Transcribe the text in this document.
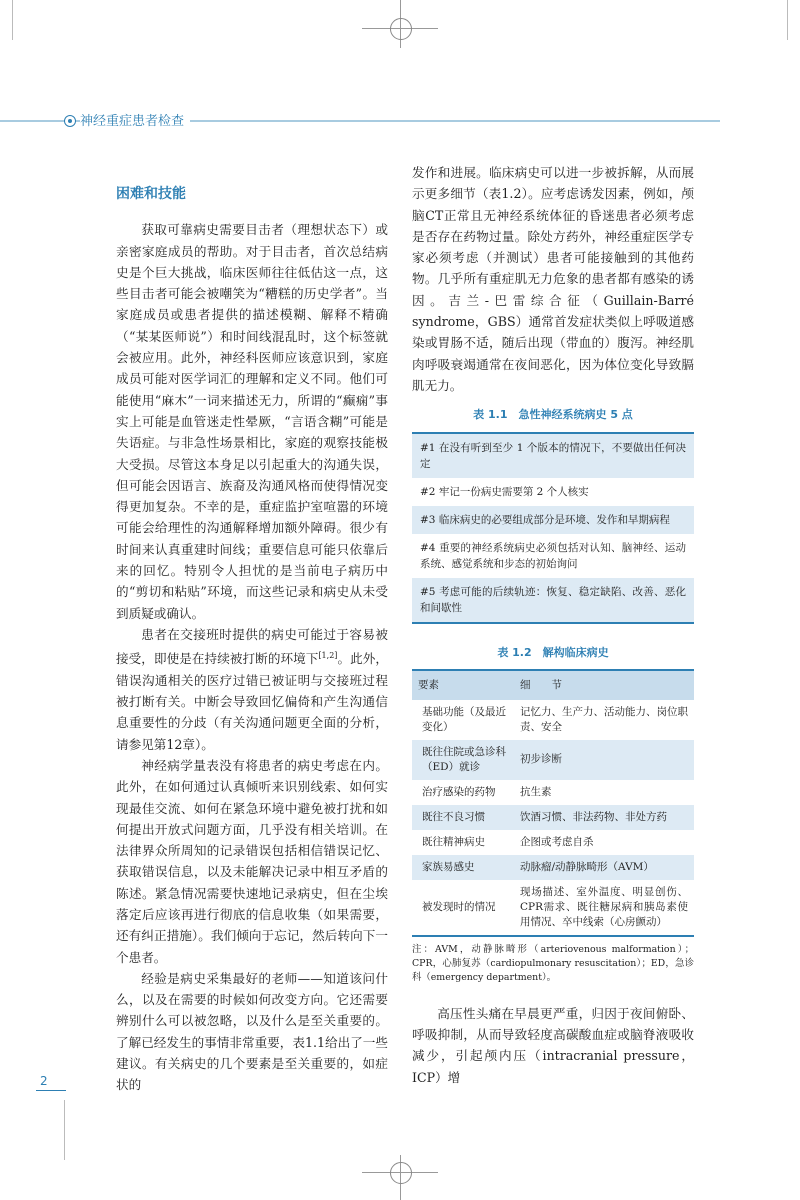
神经重症患者检查
困难和技能

获取可靠病史需要目击者（理想状态下）或亲密家庭成员的帮助。对于目击者，首次总结病史是个巨大挑战，临床医师往往低估这一点，这些目击者可能会被嘲笑为“糟糕的历史学者”。当家庭成员或患者提供的描述模糊、解释不精确（“某某医师说”）和时间线混乱时，这个标签就会被应用。此外，神经科医师应该意识到，家庭成员可能对医学词汇的理解和定义不同。他们可能使用“麻木”一词来描述无力，所谓的“癫痫”事实上可能是血管迷走性晕厥，“言语含糊”可能是失语症。与非急性场景相比，家庭的观察技能极大受损。尽管这本身足以引起重大的沟通失误，但可能会因语言、族裔及沟通风格而使得情况变得更加复杂。不幸的是，重症监护室喧嚣的环境可能会给理性的沟通解释增加额外障碍。很少有时间来认真重建时间线；重要信息可能只依靠后来的回忆。特别令人担忧的是当前电子病历中的“剪切和粘贴”环境，而这些记录和病史从未受到质疑或确认。

患者在交接班时提供的病史可能过于容易被接受，即使是在持续被打断的环境下[1,2]。此外，错误沟通相关的医疗过错已被证明与交接班过程被打断有关。中断会导致回忆偏倚和产生沟通信息重要性的分歧（有关沟通问题更全面的分析，请参见第12章）。

神经病学量表没有将患者的病史考虑在内。此外，在如何通过认真倾听来识别线索、如何实现最佳交流、如何在紧急环境中避免被打扰和如何提出开放式问题方面，几乎没有相关培训。在法律界众所周知的记录错误包括相信错误记忆、获取错误信息，以及未能解决记录中相互矛盾的陈述。紧急情况需要快速地记录病史，但在尘埃落定后应该再进行彻底的信息收集（如果需要，还有纠正措施）。我们倾向于忘记，然后转向下一个患者。

经验是病史采集最好的老师——知道该问什么，以及在需要的时候如何改变方向。它还需要辨别什么可以被忽略，以及什么是至关重要的。了解已经发生的事情非常重要，表1.1给出了一些建议。有关病史的几个要素是至关重要的，如症状的

发作和进展。临床病史可以进一步被拆解，从而展示更多细节（表1.2）。应考虑诱发因素，例如，颅脑CT正常且无神经系统体征的昏迷患者必须考虑是否存在药物过量。除处方药外，神经重症医学专家必须考虑（并测试）患者可能接触到的其他药物。几乎所有重症肌无力危象的患者都有感染的诱因。吉兰-巴雷综合征（Guillain-Barré syndrome，GBS）通常首发症状类似上呼吸道感染或胃肠不适，随后出现（带血的）腹泻。神经肌肉呼吸衰竭通常在夜间恶化，因为体位变化导致膈肌无力。

表 1.1　急性神经系统病史 5 点
#1 在没有听到至少 1 个版本的情况下，不要做出任何决定
#2 牢记一份病史需要第 2 个人核实
#3 临床病史的必要组成部分是环境、发作和早期病程
#4 重要的神经系统病史必须包括对认知、脑神经、运动系统、感觉系统和步态的初始询问
#5 考虑可能的后续轨迹：恢复、稳定缺陷、改善、恶化和间歇性
表 1.2　解构临床病史
要素	细　　节
基础功能（及最近变化）	记忆力、生产力、活动能力、岗位职责、安全
既往住院或急诊科（ED）就诊	初步诊断
治疗感染的药物	抗生素
既往不良习惯	饮酒习惯、非法药物、非处方药
既往精神病史	企图或考虑自杀
家族易感史	动脉瘤/动静脉畸形（AVM）
被发现时的情况	现场描述、室外温度、明显创伤、CPR需求、既往糖尿病和胰岛素使用情况、卒中线索（心房颤动）
注：AVM，动静脉畸形（arteriovenous malformation）；CPR，心肺复苏（cardiopulmonary resuscitation）；ED，急诊科（emergency department）。

高压性头痛在早晨更严重，归因于夜间俯卧、呼吸抑制，从而导致轻度高碳酸血症或脑脊液吸收减少，引起颅内压（intracranial pressure，ICP）增

2
